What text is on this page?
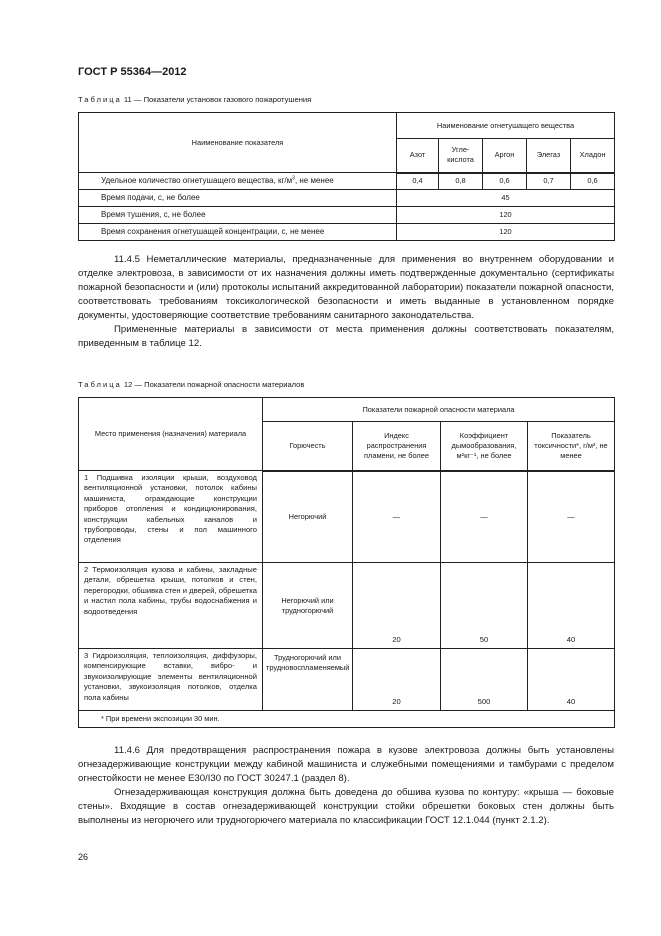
ГОСТ Р 55364—2012
Таблица 11 — Показатели установок газового пожаротушения
Наименование показателя	Наименование огнетушащего вещества				
	Азот	Угле-кислота	Аргон	Элегаз	Хладон
Удельное количество огнетушащего вещества, $кг/м^3$, не менее	0,4	0,8	0,6	0,7	0,6
Время подачи, с, не более	45				
Время тушения, с, не более	120				
Время сохранения огнетушащей концентрации, с, не менее	120				

11.4.5 Неметаллические материалы, предназначенные для применения во внутреннем оборудовании и отделке электровоза, в зависимости от их назначения должны иметь подтвержденные документально (сертификаты пожарной безопасности и (или) протоколы испытаний аккредитованной лаборатории) показатели пожарной опасности, соответствовать требованиям токсикологической безопасности и иметь выданные в установленном порядке документы, удостоверяющие соответствие требованиям санитарного законодательства.

Примененные материалы в зависимости от места применения должны соответствовать показателям, приведенным в таблице 12.

Таблица 12 — Показатели пожарной опасности материалов
Место применения (назначения) материала	Показатели пожарной опасности материала			
	Горючесть	Индекс распространения пламени, не более	Коэффициент дымообразования, м²кг⁻¹, не более	Показатель токсичности*, г/м³, не менее
1 Подшивка изоляции крыши, воздуховод вентиляционной установки, потолок кабины машиниста, ограждающие конструкции приборов отопления и кондиционирования, конструкции кабельных каналов и трубопроводы, стены и пол машинного отделения	Негорючий	—	—	—
2 Термоизоляция кузова и кабины, закладные детали, обрешетка крыши, потолков и стен, перегородки, обшивка стен и дверей, обрешетка и настил пола кабины, трубы водоснабжения и водоотведения	Негорючий или трудногорючий	20	50	40
3 Гидроизоляция, теплоизоляция, диффузоры, компенсирующие вставки, вибро- и звукоизолирующие элементы вентиляционной установки, звукоизоляция потолков, отделка пола кабины	Трудногорючий или трудновоспламеняемый	20	500	40
* При времени экспозиции 30 мин.				

11.4.6 Для предотвращения распространения пожара в кузове электровоза должны быть установлены огнезадерживающие конструкции между кабиной машиниста и служебными помещениями и тамбурами с пределом огнестойкости не менее Е30/I30 по ГОСТ 30247.1 (раздел 8).

Огнезадерживающая конструкция должна быть доведена до обшива кузова по контуру: «крыша — боковые стены». Входящие в состав огнезадерживающей конструкции стойки обрешетки боковых стен должны быть выполнены из негорючего или трудногорючего материала по классификации ГОСТ 12.1.044 (пункт 2.1.2).

26
